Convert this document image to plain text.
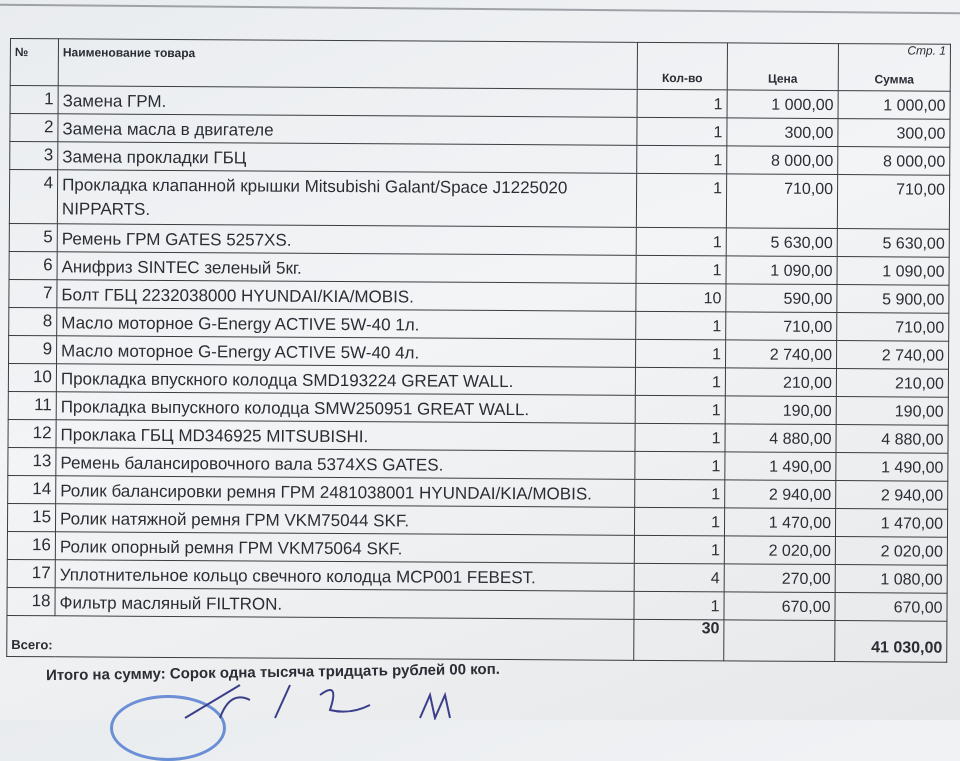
Стр. 1
№	Наименование товара	Кол-во	Цена	Сумма
1	Замена ГРМ.	1	1 000,00	1 000,00
2	Замена масла в двигателе	1	300,00	300,00
3	Замена прокладки ГБЦ	1	8 000,00	8 000,00
4	Прокладка клапанной крышки Mitsubishi Galant/Space J1225020 NIPPARTS.	1	710,00	710,00
5	Ремень ГРМ GATES 5257XS.	1	5 630,00	5 630,00
6	Анифриз SINTEC зеленый 5кг.	1	1 090,00	1 090,00
7	Болт ГБЦ 2232038000 HYUNDAI/KIA/MOBIS.	10	590,00	5 900,00
8	Масло моторное G-Energy ACTIVE 5W-40 1л.	1	710,00	710,00
9	Масло моторное G-Energy ACTIVE 5W-40 4л.	1	2 740,00	2 740,00
10	Прокладка впускного колодца SMD193224 GREAT WALL.	1	210,00	210,00
11	Прокладка выпускного колодца SMW250951 GREAT WALL.	1	190,00	190,00
12	Проклака ГБЦ MD346925 MITSUBISHI.	1	4 880,00	4 880,00
13	Ремень балансировочного вала 5374XS GATES.	1	1 490,00	1 490,00
14	Ролик балансировки ремня ГРМ 2481038001 HYUNDAI/KIA/MOBIS.	1	2 940,00	2 940,00
15	Ролик натяжной ремня ГРМ VKM75044 SKF.	1	1 470,00	1 470,00
16	Ролик опорный ремня ГРМ VKM75064 SKF.	1	2 020,00	2 020,00
17	Уплотнительное кольцо свечного колодца MCP001 FEBEST.	4	270,00	1 080,00
18	Фильтр масляный FILTRON.	1	670,00	670,00
Всего:		30		41 030,00
Итого на сумму: Сорок одна тысяча тридцать рублей 00 коп.
